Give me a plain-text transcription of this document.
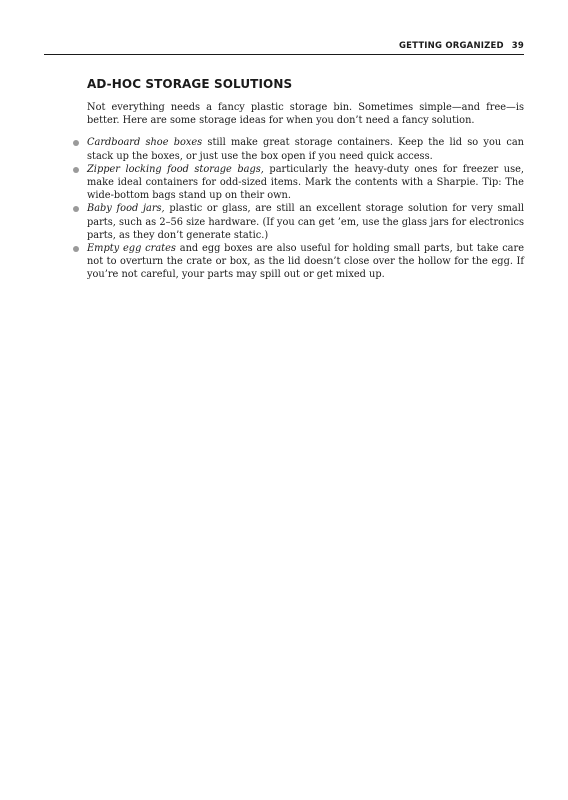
GETTING ORGANIZED 39
AD-HOC STORAGE SOLUTIONS

Not everything needs a fancy plastic storage bin. Sometimes simple—and free—is better. Here are some storage ideas for when you don’t need a fancy solution.

Cardboard shoe boxes still make great storage containers. Keep the lid so you can stack up the boxes, or just use the box open if you need quick access.
Zipper locking food storage bags, particularly the heavy-duty ones for freezer use, make ideal containers for odd-sized items. Mark the contents with a Sharpie. Tip: The wide-bottom bags stand up on their own.
Baby food jars, plastic or glass, are still an excellent storage solution for very small parts, such as 2–56 size hardware. (If you can get ’em, use the glass jars for electronics parts, as they don’t generate static.)
Empty egg crates and egg boxes are also useful for holding small parts, but take care not to overturn the crate or box, as the lid doesn’t close over the hollow for the egg. If you’re not careful, your parts may spill out or get mixed up.
